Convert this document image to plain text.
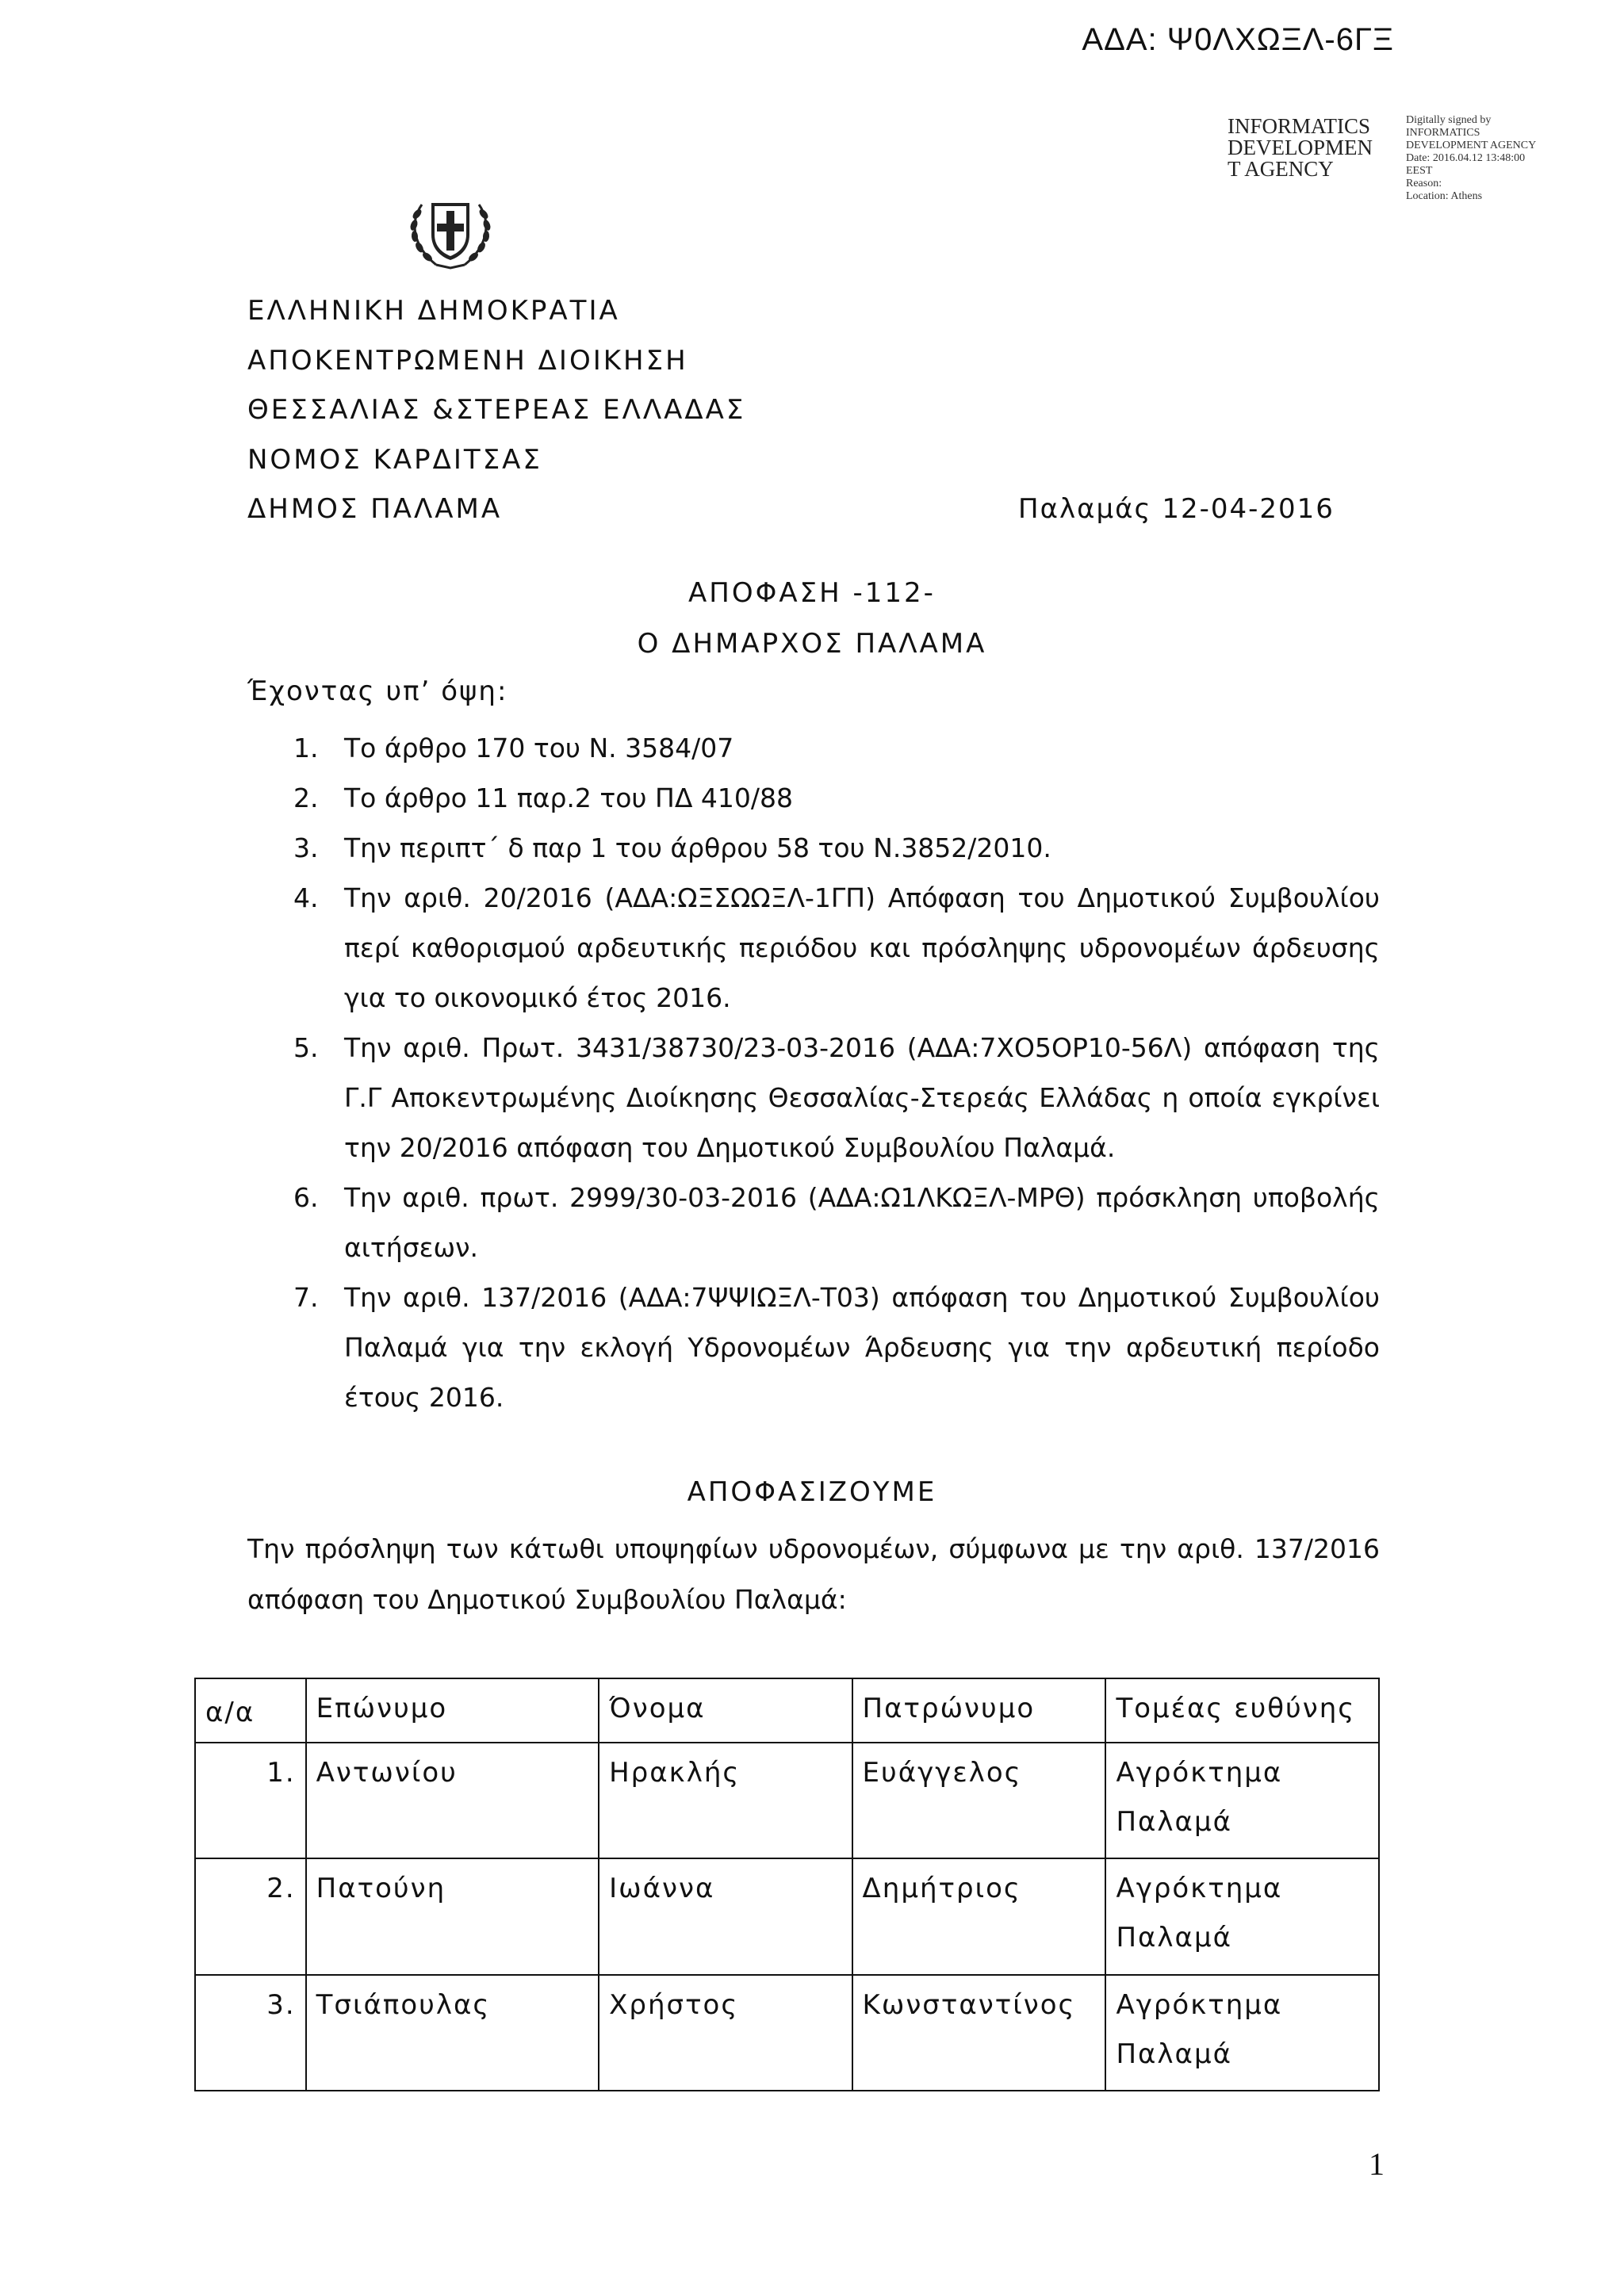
ΑΔΑ: Ψ0ΛΧΩΞΛ-6ΓΞ
INFORMATICS
DEVELOPMEN
T AGENCY
Digitally signed by
INFORMATICS
DEVELOPMENT AGENCY
Date: 2016.04.12 13:48:00
EEST
Reason:
Location: Athens
ΕΛΛΗΝΙΚΗ ΔΗΜΟΚΡΑΤΙΑ
ΑΠΟΚΕΝΤΡΩΜΕΝΗ ΔΙΟΙΚΗΣΗ
ΘΕΣΣΑΛΙΑΣ &ΣΤΕΡΕΑΣ ΕΛΛΑΔΑΣ
ΝΟΜΟΣ ΚΑΡΔΙΤΣΑΣ
ΔΗΜΟΣ ΠΑΛΑΜΑ	Παλαμάς 12-04-2016
ΑΠΟΦΑΣΗ -112-
Ο ΔΗΜΑΡΧΟΣ ΠΑΛΑΜΑ
Έχοντας υπ’ όψη:
1. Το άρθρο 170 του Ν. 3584/07
2. Το άρθρο 11 παρ.2 του ΠΔ 410/88
3. Την περιπτ΄ δ παρ 1 του άρθρου 58 του Ν.3852/2010.
4. Την αριθ. 20/2016 (ΑΔΑ:ΩΞΣΩΩΞΛ-1ΓΠ) Απόφαση του Δημοτικού Συμβουλίου περί καθορισμού αρδευτικής περιόδου και πρόσληψης υδρονομέων άρδευσης για το οικονομικό έτος 2016.
5. Την αριθ. Πρωτ. 3431/38730/23-03-2016 (ΑΔΑ:7ΧΟ5ΟΡ10-56Λ) απόφαση της Γ.Γ Αποκεντρωμένης Διοίκησης Θεσσαλίας-Στερεάς Ελλάδας η οποία εγκρίνει την 20/2016 απόφαση του Δημοτικού Συμβουλίου Παλαμά.
6. Την αριθ. πρωτ. 2999/30-03-2016 (ΑΔΑ:Ω1ΛΚΩΞΛ-ΜΡΘ) πρόσκληση υποβολής αιτήσεων.
7. Την αριθ. 137/2016 (ΑΔΑ:7ΨΨΙΩΞΛ-Τ03) απόφαση του Δημοτικού Συμβουλίου Παλαμά για την εκλογή Υδρονομέων Άρδευσης για την αρδευτική περίοδο έτους 2016.
ΑΠΟΦΑΣΙΖΟΥΜΕ
Την πρόσληψη των κάτωθι υποψηφίων υδρονομέων, σύμφωνα με την αριθ. 137/2016 απόφαση του Δημοτικού Συμβουλίου Παλαμά:
α/α	Επώνυμο	Όνομα	Πατρώνυμο	Τομέας ευθύνης
1.	Αντωνίου	Ηρακλής	Ευάγγελος	Αγρόκτημα Παλαμά
2.	Πατούνη	Ιωάννα	Δημήτριος	Αγρόκτημα Παλαμά
3.	Τσιάπουλας	Χρήστος	Κωνσταντίνος	Αγρόκτημα Παλαμά
1
